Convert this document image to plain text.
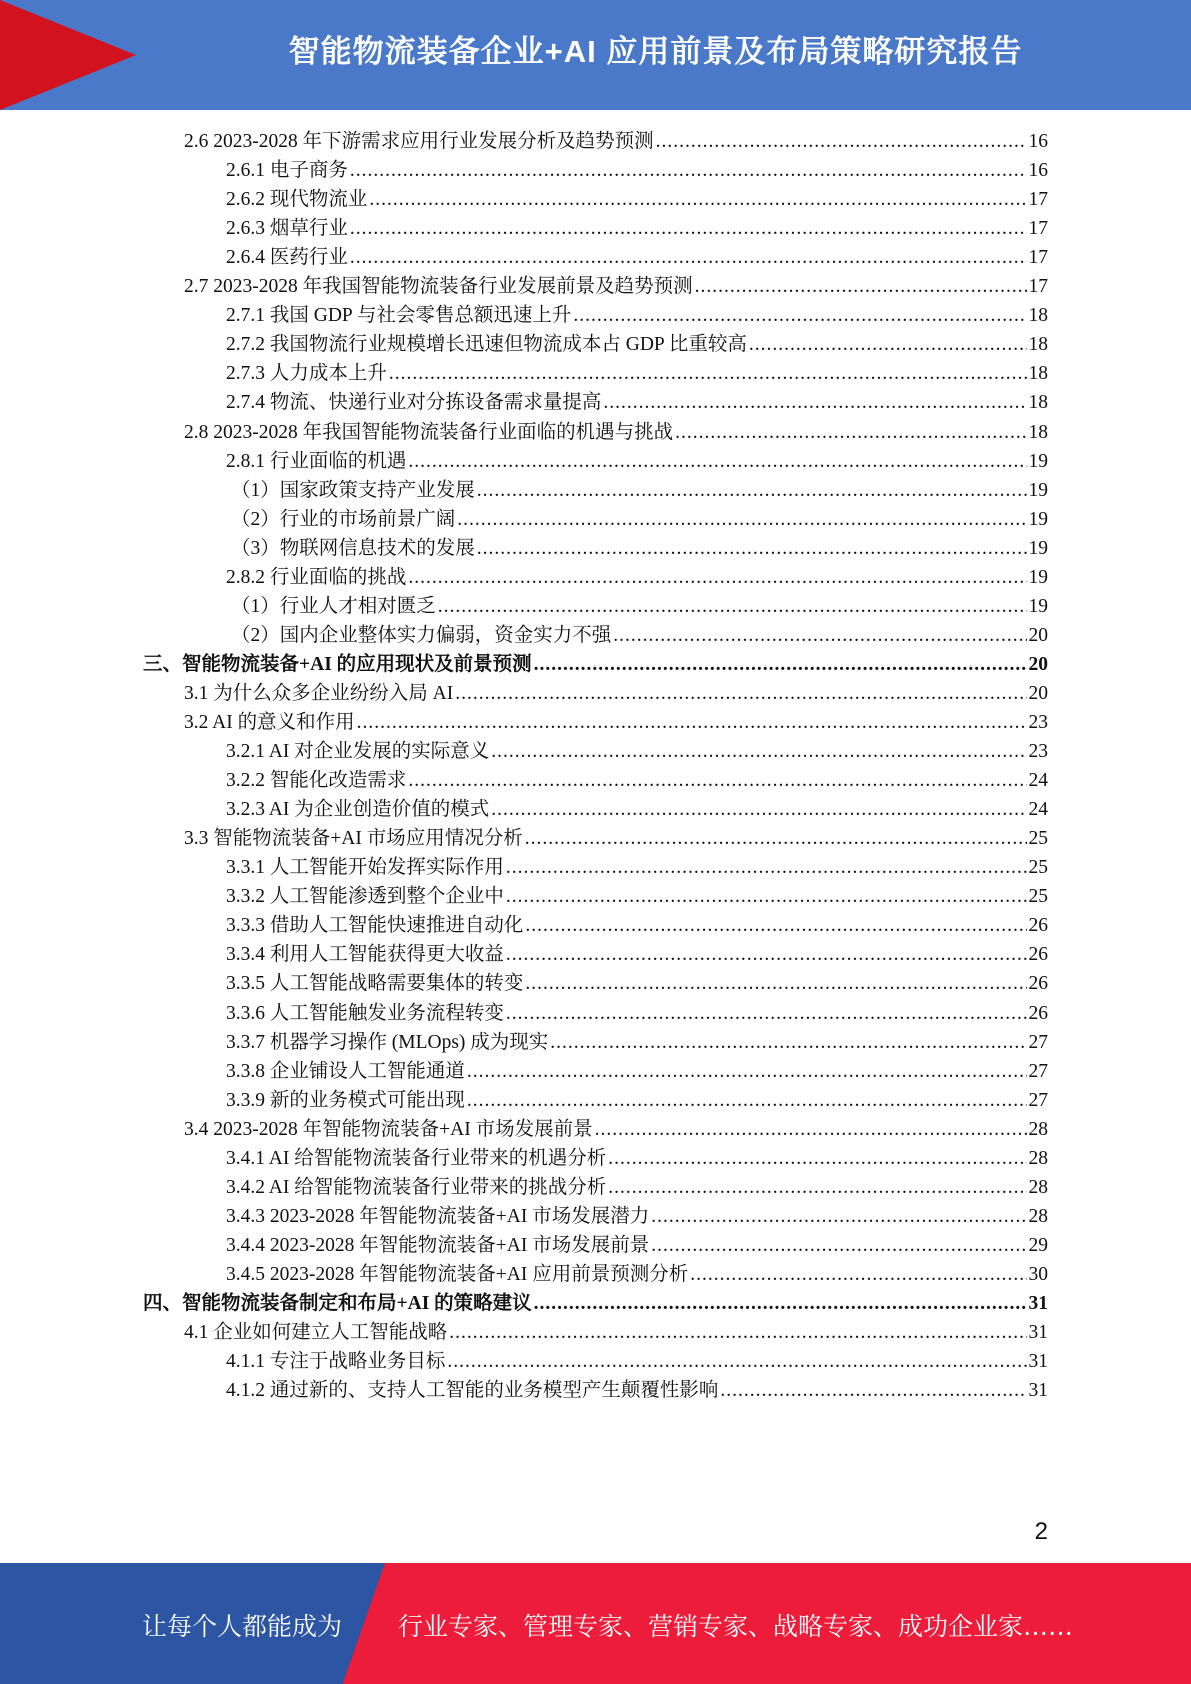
智能物流装备企业+AI 应用前景及布局策略研究报告
2.6 2023-2028 年下游需求应用行业发展分析及趋势预测 .....	16
2.6.1 电子商务 .....	16
2.6.2 现代物流业 .....	17
2.6.3 烟草行业 .....	17
2.6.4 医药行业 .....	17
2.7 2023-2028 年我国智能物流装备行业发展前景及趋势预测 .....	17
2.7.1 我国 GDP 与社会零售总额迅速上升 .....	18
2.7.2 我国物流行业规模增长迅速但物流成本占 GDP 比重较高 .....	18
2.7.3 人力成本上升 .....	18
2.7.4 物流、快递行业对分拣设备需求量提高 .....	18
2.8 2023-2028 年我国智能物流装备行业面临的机遇与挑战 .....	18
2.8.1 行业面临的机遇 .....	19
（1）国家政策支持产业发展 .....	19
（2）行业的市场前景广阔 .....	19
（3）物联网信息技术的发展 .....	19
2.8.2 行业面临的挑战 .....	19
（1）行业人才相对匮乏 .....	19
（2）国内企业整体实力偏弱，资金实力不强 .....	20
三、智能物流装备+AI 的应用现状及前景预测 .....	20
3.1 为什么众多企业纷纷入局 AI .....	20
3.2 AI 的意义和作用 .....	23
3.2.1 AI 对企业发展的实际意义 .....	23
3.2.2 智能化改造需求 .....	24
3.2.3 AI 为企业创造价值的模式 .....	24
3.3 智能物流装备+AI 市场应用情况分析 .....	25
3.3.1 人工智能开始发挥实际作用 .....	25
3.3.2 人工智能渗透到整个企业中 .....	25
3.3.3 借助人工智能快速推进自动化 .....	26
3.3.4 利用人工智能获得更大收益 .....	26
3.3.5 人工智能战略需要集体的转变 .....	26
3.3.6 人工智能触发业务流程转变 .....	26
3.3.7 机器学习操作 (MLOps) 成为现实 .....	27
3.3.8 企业铺设人工智能通道 .....	27
3.3.9 新的业务模式可能出现 .....	27
3.4 2023-2028 年智能物流装备+AI 市场发展前景 .....	28
3.4.1 AI 给智能物流装备行业带来的机遇分析 .....	28
3.4.2 AI 给智能物流装备行业带来的挑战分析 .....	28
3.4.3 2023-2028 年智能物流装备+AI 市场发展潜力 .....	28
3.4.4 2023-2028 年智能物流装备+AI 市场发展前景 .....	29
3.4.5 2023-2028 年智能物流装备+AI 应用前景预测分析 .....	30
四、智能物流装备制定和布局+AI 的策略建议 .....	31
4.1 企业如何建立人工智能战略 .....	31
4.1.1 专注于战略业务目标 .....	31
4.1.2 通过新的、支持人工智能的业务模型产生颠覆性影响 .....	31
2
让每个人都能成为 行业专家、管理专家、营销专家、战略专家、成功企业家……
